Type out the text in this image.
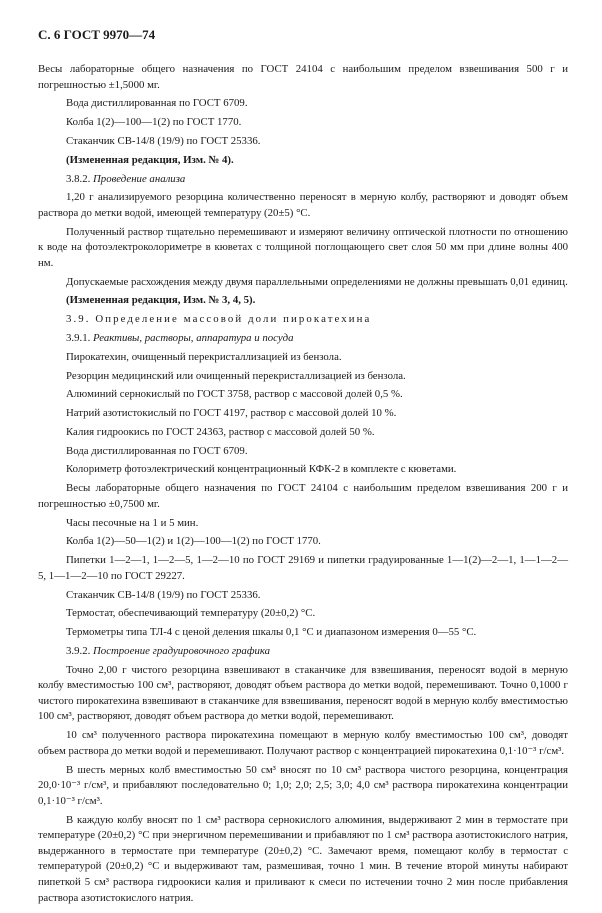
С. 6 ГОСТ 9970—74

Весы лабораторные общего назначения по ГОСТ 24104 с наибольшим пределом взвешивания 500 г и погрешностью ±1,5000 мг.

Вода дистиллированная по ГОСТ 6709.

Колба 1(2)—100—1(2) по ГОСТ 1770.

Стаканчик СВ-14/8 (19/9) по ГОСТ 25336.

(Измененная редакция, Изм. № 4).

3.8.2. Проведение анализа

1,20 г анализируемого резорцина количественно переносят в мерную колбу, растворяют и доводят объем раствора до метки водой, имеющей температуру (20±5) °С.

Полученный раствор тщательно перемешивают и измеряют величину оптической плотности по отношению к воде на фотоэлектроколориметре в кюветах с толщиной поглощающего свет слоя 50 мм при длине волны 400 нм.

Допускаемые расхождения между двумя параллельными определениями не должны превышать 0,01 единиц.

(Измененная редакция, Изм. № 3, 4, 5).

3.9. Определение массовой доли пирокатехина

3.9.1. Реактивы, растворы, аппаратура и посуда

Пирокатехин, очищенный перекристаллизацией из бензола.

Резорцин медицинский или очищенный перекристаллизацией из бензола.

Алюминий сернокислый по ГОСТ 3758, раствор с массовой долей 0,5 %.

Натрий азотистокислый по ГОСТ 4197, раствор с массовой долей 10 %.

Калия гидроокись по ГОСТ 24363, раствор с массовой долей 50 %.

Вода дистиллированная по ГОСТ 6709.

Колориметр фотоэлектрический концентрационный КФК-2 в комплекте с кюветами.

Весы лабораторные общего назначения по ГОСТ 24104 с наибольшим пределом взвешивания 200 г и погрешностью ±0,7500 мг.

Часы песочные на 1 и 5 мин.

Колба 1(2)—50—1(2) и 1(2)—100—1(2) по ГОСТ 1770.

Пипетки 1—2—1, 1—2—5, 1—2—10 по ГОСТ 29169 и пипетки градуированные 1—1(2)—2—1, 1—1—2—5, 1—1—2—10 по ГОСТ 29227.

Стаканчик СВ-14/8 (19/9) по ГОСТ 25336.

Термостат, обеспечивающий температуру (20±0,2) °С.

Термометры типа ТЛ-4 с ценой деления шкалы 0,1 °С и диапазоном измерения 0—55 °С.

3.9.2. Построение градуировочного графика

Точно 2,00 г чистого резорцина взвешивают в стаканчике для взвешивания, переносят водой в мерную колбу вместимостью 100 см³, растворяют, доводят объем раствора до метки водой, перемешивают. Точно 0,1000 г чистого пирокатехина взвешивают в стаканчике для взвешивания, переносят водой в мерную колбу вместимостью 100 см³, растворяют, доводят объем раствора до метки водой, перемешивают.

10 см³ полученного раствора пирокатехина помещают в мерную колбу вместимостью 100 см³, доводят объем раствора до метки водой и перемешивают. Получают раствор с концентрацией пирокатехина 0,1·10⁻³ г/см³.

В шесть мерных колб вместимостью 50 см³ вносят по 10 см³ раствора чистого резорцина, концентрация 20,0·10⁻³ г/см³, и прибавляют последовательно 0; 1,0; 2,0; 2,5; 3,0; 4,0 см³ раствора пирокатехина концентрации 0,1·10⁻³ г/см³.

В каждую колбу вносят по 1 см³ раствора сернокислого алюминия, выдерживают 2 мин в термостате при температуре (20±0,2) °С при энергичном перемешивании и прибавляют по 1 см³ раствора азотистокислого натрия, выдержанного в термостате при температуре (20±0,2) °С. Замечают время, помещают колбу в термостат с температурой (20±0,2) °С и выдерживают там, размешивая, точно 1 мин. В течение второй минуты набирают пипеткой 5 см³ раствора гидроокиси калия и приливают к смеси по истечении точно 2 мин после прибавления раствора азотистокислого натрия.
